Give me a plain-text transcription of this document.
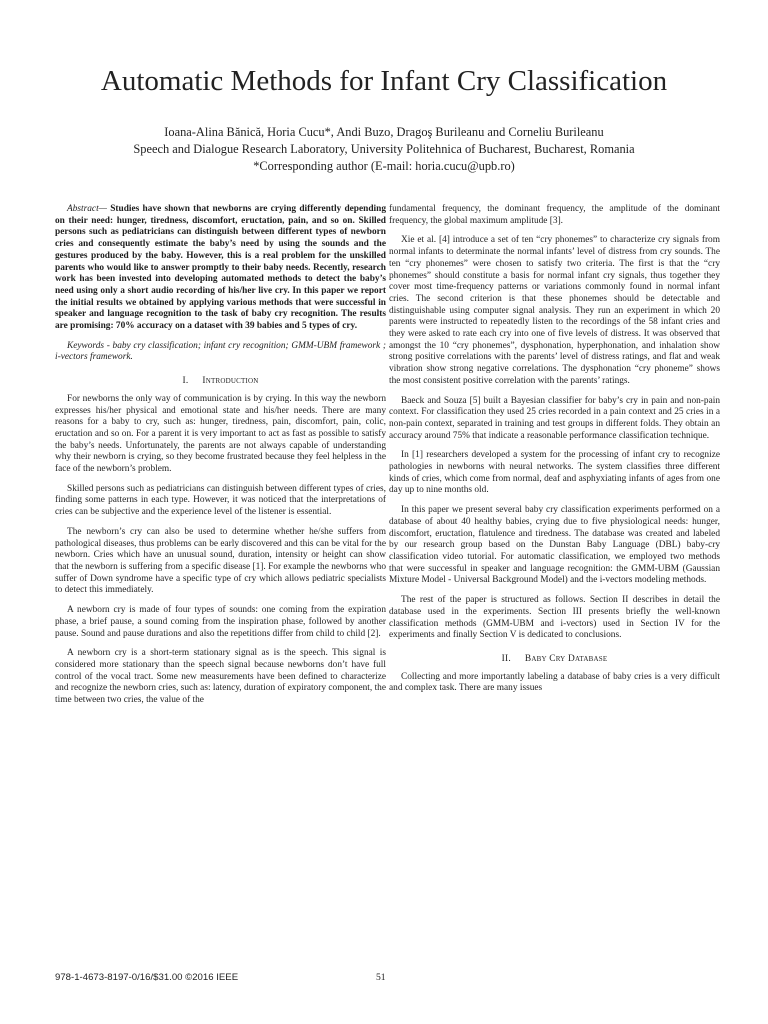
Automatic Methods for Infant Cry Classification
Ioana-Alina Bănică, Horia Cucu*, Andi Buzo, Dragoş Burileanu and Corneliu Burileanu
Speech and Dialogue Research Laboratory, University Politehnica of Bucharest, Bucharest, Romania
*Corresponding author (E-mail: horia.cucu@upb.ro)

Abstract— Studies have shown that newborns are crying differently depending on their need: hunger, tiredness, discomfort, eructation, pain, and so on. Skilled persons such as pediatricians can distinguish between different types of newborn cries and consequently estimate the baby’s need by using the sounds and the gestures produced by the baby. However, this is a real problem for the unskilled parents who would like to answer promptly to their baby needs. Recently, research work has been invested into developing automated methods to detect the baby’s need using only a short audio recording of his/her live cry. In this paper we report the initial results we obtained by applying various methods that were successful in speaker and language recognition to the task of baby cry recognition. The results are promising: 70% accuracy on a dataset with 39 babies and 5 types of cry.

Keywords - baby cry classification; infant cry recognition; GMM-UBM framework ; i-vectors framework.

I. Introduction

For newborns the only way of communication is by crying. In this way the newborn expresses his/her physical and emotional state and his/her needs. There are many reasons for a baby to cry, such as: hunger, tiredness, pain, discomfort, pain, colic, eructation and so on. For a parent it is very important to act as fast as possible to satisfy the baby’s needs. Unfortunately, the parents are not always capable of understanding why their newborn is crying, so they become frustrated because they feel helpless in the face of the newborn’s problem.

Skilled persons such as pediatricians can distinguish between different types of cries, finding some patterns in each type. However, it was noticed that the interpretations of cries can be subjective and the experience level of the listener is essential.

The newborn’s cry can also be used to determine whether he/she suffers from pathological diseases, thus problems can be early discovered and this can be vital for the newborn. Cries which have an unusual sound, duration, intensity or height can show that the newborn is suffering from a specific disease [1]. For example the newborns who suffer of Down syndrome have a specific type of cry which allows pediatric specialists to detect this immediately.

A newborn cry is made of four types of sounds: one coming from the expiration phase, a brief pause, a sound coming from the inspiration phase, followed by another pause. Sound and pause durations and also the repetitions differ from child to child [2].

A newborn cry is a short-term stationary signal as is the speech. This signal is considered more stationary than the speech signal because newborns don’t have full control of the vocal tract. Some new measurements have been defined to characterize and recognize the newborn cries, such as: latency, duration of expiratory component, the time between two cries, the value of the

fundamental frequency, the dominant frequency, the amplitude of the dominant frequency, the global maximum amplitude [3].

Xie et al. [4] introduce a set of ten “cry phonemes” to characterize cry signals from normal infants to determinate the normal infants’ level of distress from cry sounds. The ten “cry phonemes” were chosen to satisfy two criteria. The first is that the “cry phonemes” should constitute a basis for normal infant cry signals, thus together they cover most time-frequency patterns or variations commonly found in normal infant cries. The second criterion is that these phonemes should be detectable and distinguishable using computer signal analysis. They run an experiment in which 20 parents were instructed to repeatedly listen to the recordings of the 58 infant cries and they were asked to rate each cry into one of five levels of distress. It was observed that amongst the 10 “cry phonemes”, dysphonation, hyperphonation, and inhalation show strong positive correlations with the parents’ level of distress ratings, and flat and weak vibration show strong negative correlations. The dysphonation “cry phoneme” shows the most consistent positive correlation with the parents’ ratings.

Baeck and Souza [5] built a Bayesian classifier for baby’s cry in pain and non-pain context. For classification they used 25 cries recorded in a pain context and 25 cries in a non-pain context, separated in training and test groups in different folds. They obtain an accuracy around 75% that indicate a reasonable performance classification technique.

In [1] researchers developed a system for the processing of infant cry to recognize pathologies in newborns with neural networks. The system classifies three different kinds of cries, which come from normal, deaf and asphyxiating infants of ages from one day up to nine months old.

In this paper we present several baby cry classification experiments performed on a database of about 40 healthy babies, crying due to five physiological needs: hunger, discomfort, eructation, flatulence and tiredness. The database was created and labeled by our research group based on the Dunstan Baby Language (DBL) baby-cry classification video tutorial. For automatic classification, we employed two methods that were successful in speaker and language recognition: the GMM-UBM (Gaussian Mixture Model - Universal Background Model) and the i-vectors modeling methods.

The rest of the paper is structured as follows. Section II describes in detail the database used in the experiments. Section III presents briefly the well-known classification methods (GMM-UBM and i-vectors) used in Section IV for the experiments and finally Section V is dedicated to conclusions.

II. Baby Cry Database

Collecting and more importantly labeling a database of baby cries is a very difficult and complex task. There are many issues

978-1-4673-8197-0/16/$31.00 ©2016 IEEE	51
